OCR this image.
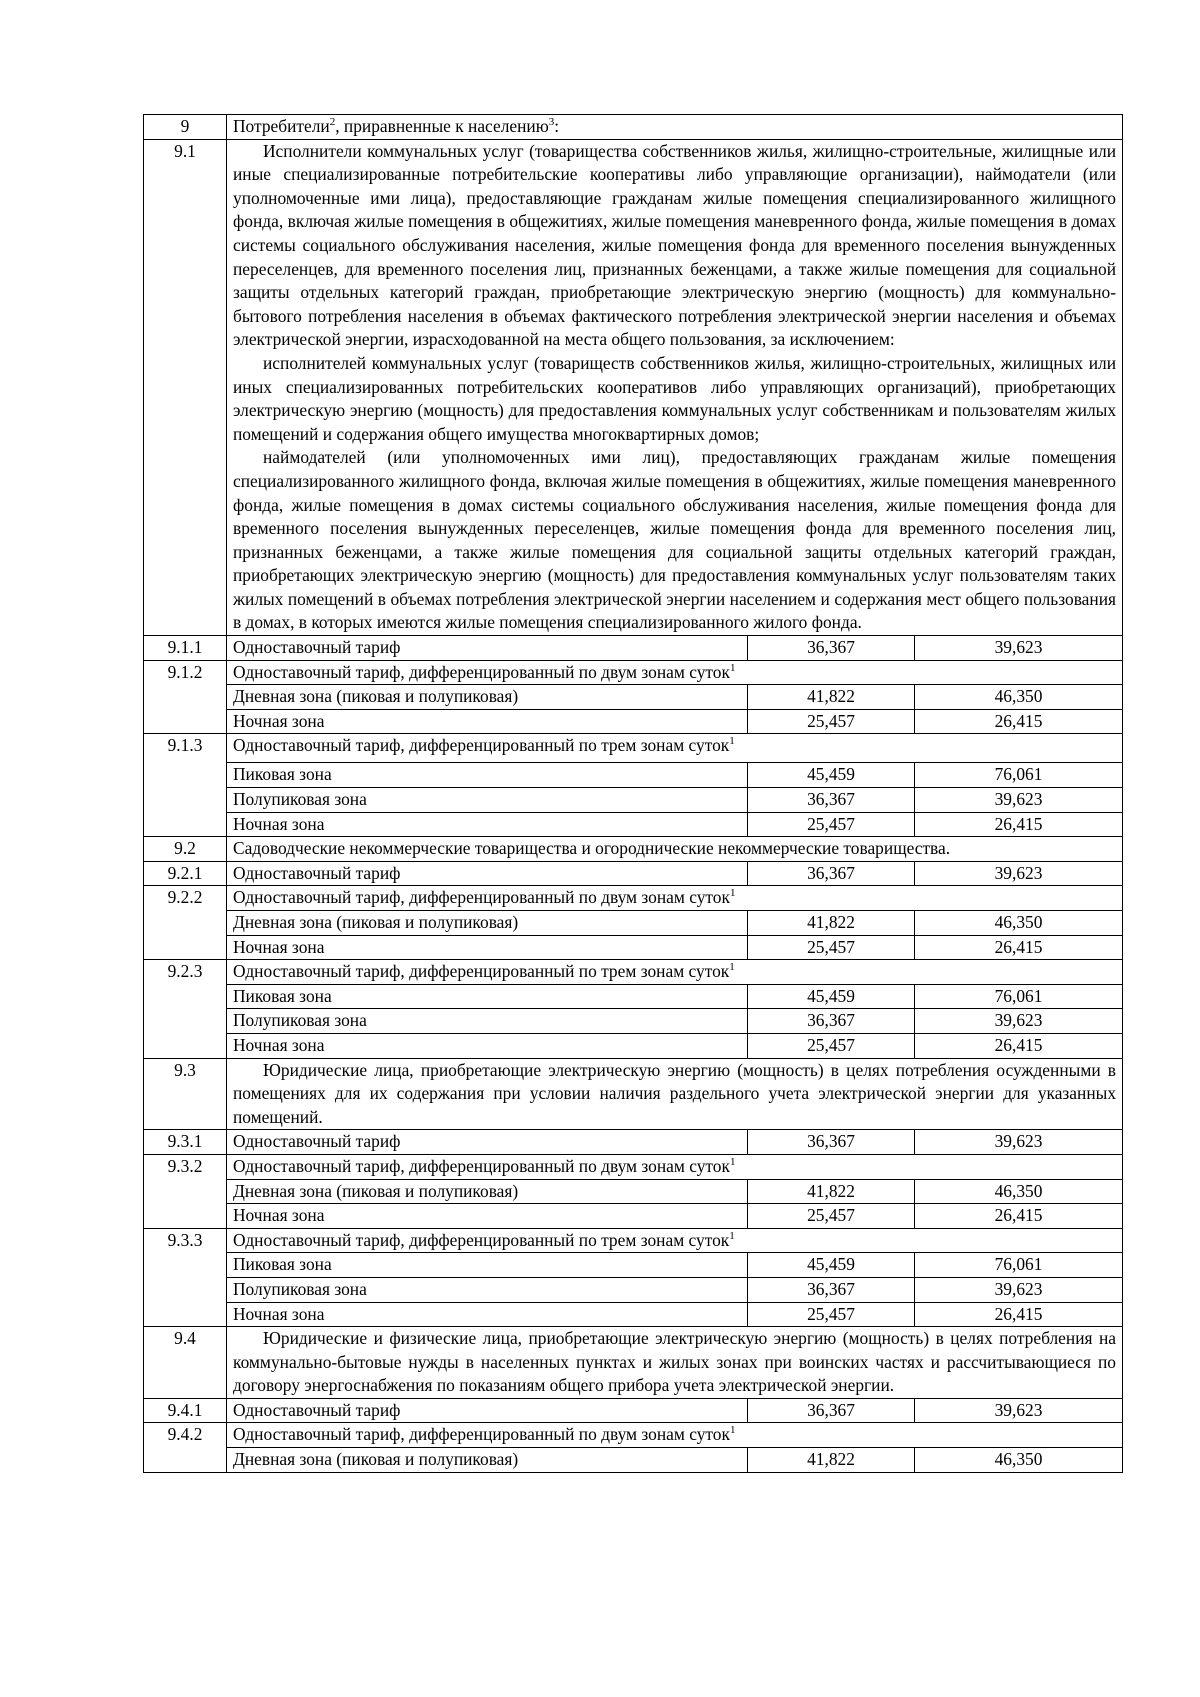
9	Потребители$^2$, приравненные к населению$^3$:		
9.1	Исполнители коммунальных услуг (товарищества собственников жилья, жилищно-строительные, жилищные или иные специализированные потребительские кооперативы либо управляющие организации), наймодатели (или уполномоченные ими лица), предоставляющие гражданам жилые помещения специализированного жилищного фонда, включая жилые помещения в общежитиях, жилые помещения маневренного фонда, жилые помещения в домах системы социального обслуживания населения, жилые помещения фонда для временного поселения вынужденных переселенцев, для временного поселения лиц, признанных беженцами, а также жилые помещения для социальной защиты отдельных категорий граждан, приобретающие электрическую энергию (мощность) для коммунально-бытового потребления населения в объемах фактического потребления электрической энергии населения и объемах электрической энергии, израсходованной на места общего пользования, за исключением:
исполнителей коммунальных услуг (товариществ собственников жилья, жилищно-строительных, жилищных или иных специализированных потребительских кооперативов либо управляющих организаций), приобретающих электрическую энергию (мощность) для предоставления коммунальных услуг собственникам и пользователям жилых помещений и содержания общего имущества многоквартирных домов;
наймодателей (или уполномоченных ими лиц), предоставляющих гражданам жилые помещения специализированного жилищного фонда, включая жилые помещения в общежитиях, жилые помещения маневренного фонда, жилые помещения в домах системы социального обслуживания населения, жилые помещения фонда для временного поселения вынужденных переселенцев, жилые помещения фонда для временного поселения лиц, признанных беженцами, а также жилые помещения для социальной защиты отдельных категорий граждан, приобретающих электрическую энергию (мощность) для предоставления коммунальных услуг пользователям таких жилых помещений в объемах потребления электрической энергии населением и содержания мест общего пользования в домах, в которых имеются жилые помещения специализированного жилого фонда.		

9.1.1	Одноставочный тариф	36,367	39,623
9.1.2	Одноставочный тариф, дифференцированный по двум зонам суток$^1$
	Дневная зона (пиковая и полупиковая)	41,822	46,350
	Ночная зона	25,457	26,415
9.1.3	Одноставочный тариф, дифференцированный по трем зонам суток$^1$
	Пиковая зона	45,459	76,061
	Полупиковая зона	36,367	39,623
	Ночная зона	25,457	26,415
9.2	Садоводческие некоммерческие товарищества и огороднические некоммерческие товарищества.		
9.2.1	Одноставочный тариф	36,367	39,623
9.2.2	Одноставочный тариф, дифференцированный по двум зонам суток$^1$
	Дневная зона (пиковая и полупиковая)	41,822	46,350
	Ночная зона	25,457	26,415
9.2.3	Одноставочный тариф, дифференцированный по трем зонам суток$^1$
	Пиковая зона	45,459	76,061
	Полупиковая зона	36,367	39,623
	Ночная зона	25,457	26,415
9.3	Юридические лица, приобретающие электрическую энергию (мощность) в целях потребления осужденными в помещениях для их содержания при условии наличия раздельного учета электрической энергии для указанных помещений.		
9.3.1	Одноставочный тариф	36,367	39,623
9.3.2	Одноставочный тариф, дифференцированный по двум зонам суток$^1$
	Дневная зона (пиковая и полупиковая)	41,822	46,350
	Ночная зона	25,457	26,415
9.3.3	Одноставочный тариф, дифференцированный по трем зонам суток$^1$
	Пиковая зона	45,459	76,061
	Полупиковая зона	36,367	39,623
	Ночная зона	25,457	26,415
9.4	Юридические и физические лица, приобретающие электрическую энергию (мощность) в целях потребления на коммунально-бытовые нужды в населенных пунктах и жилых зонах при воинских частях и рассчитывающиеся по договору энергоснабжения по показаниям общего прибора учета электрической энергии.		
9.4.1	Одноставочный тариф	36,367	39,623
9.4.2	Одноставочный тариф, дифференцированный по двум зонам суток$^1$
	Дневная зона (пиковая и полупиковая)	41,822	46,350
